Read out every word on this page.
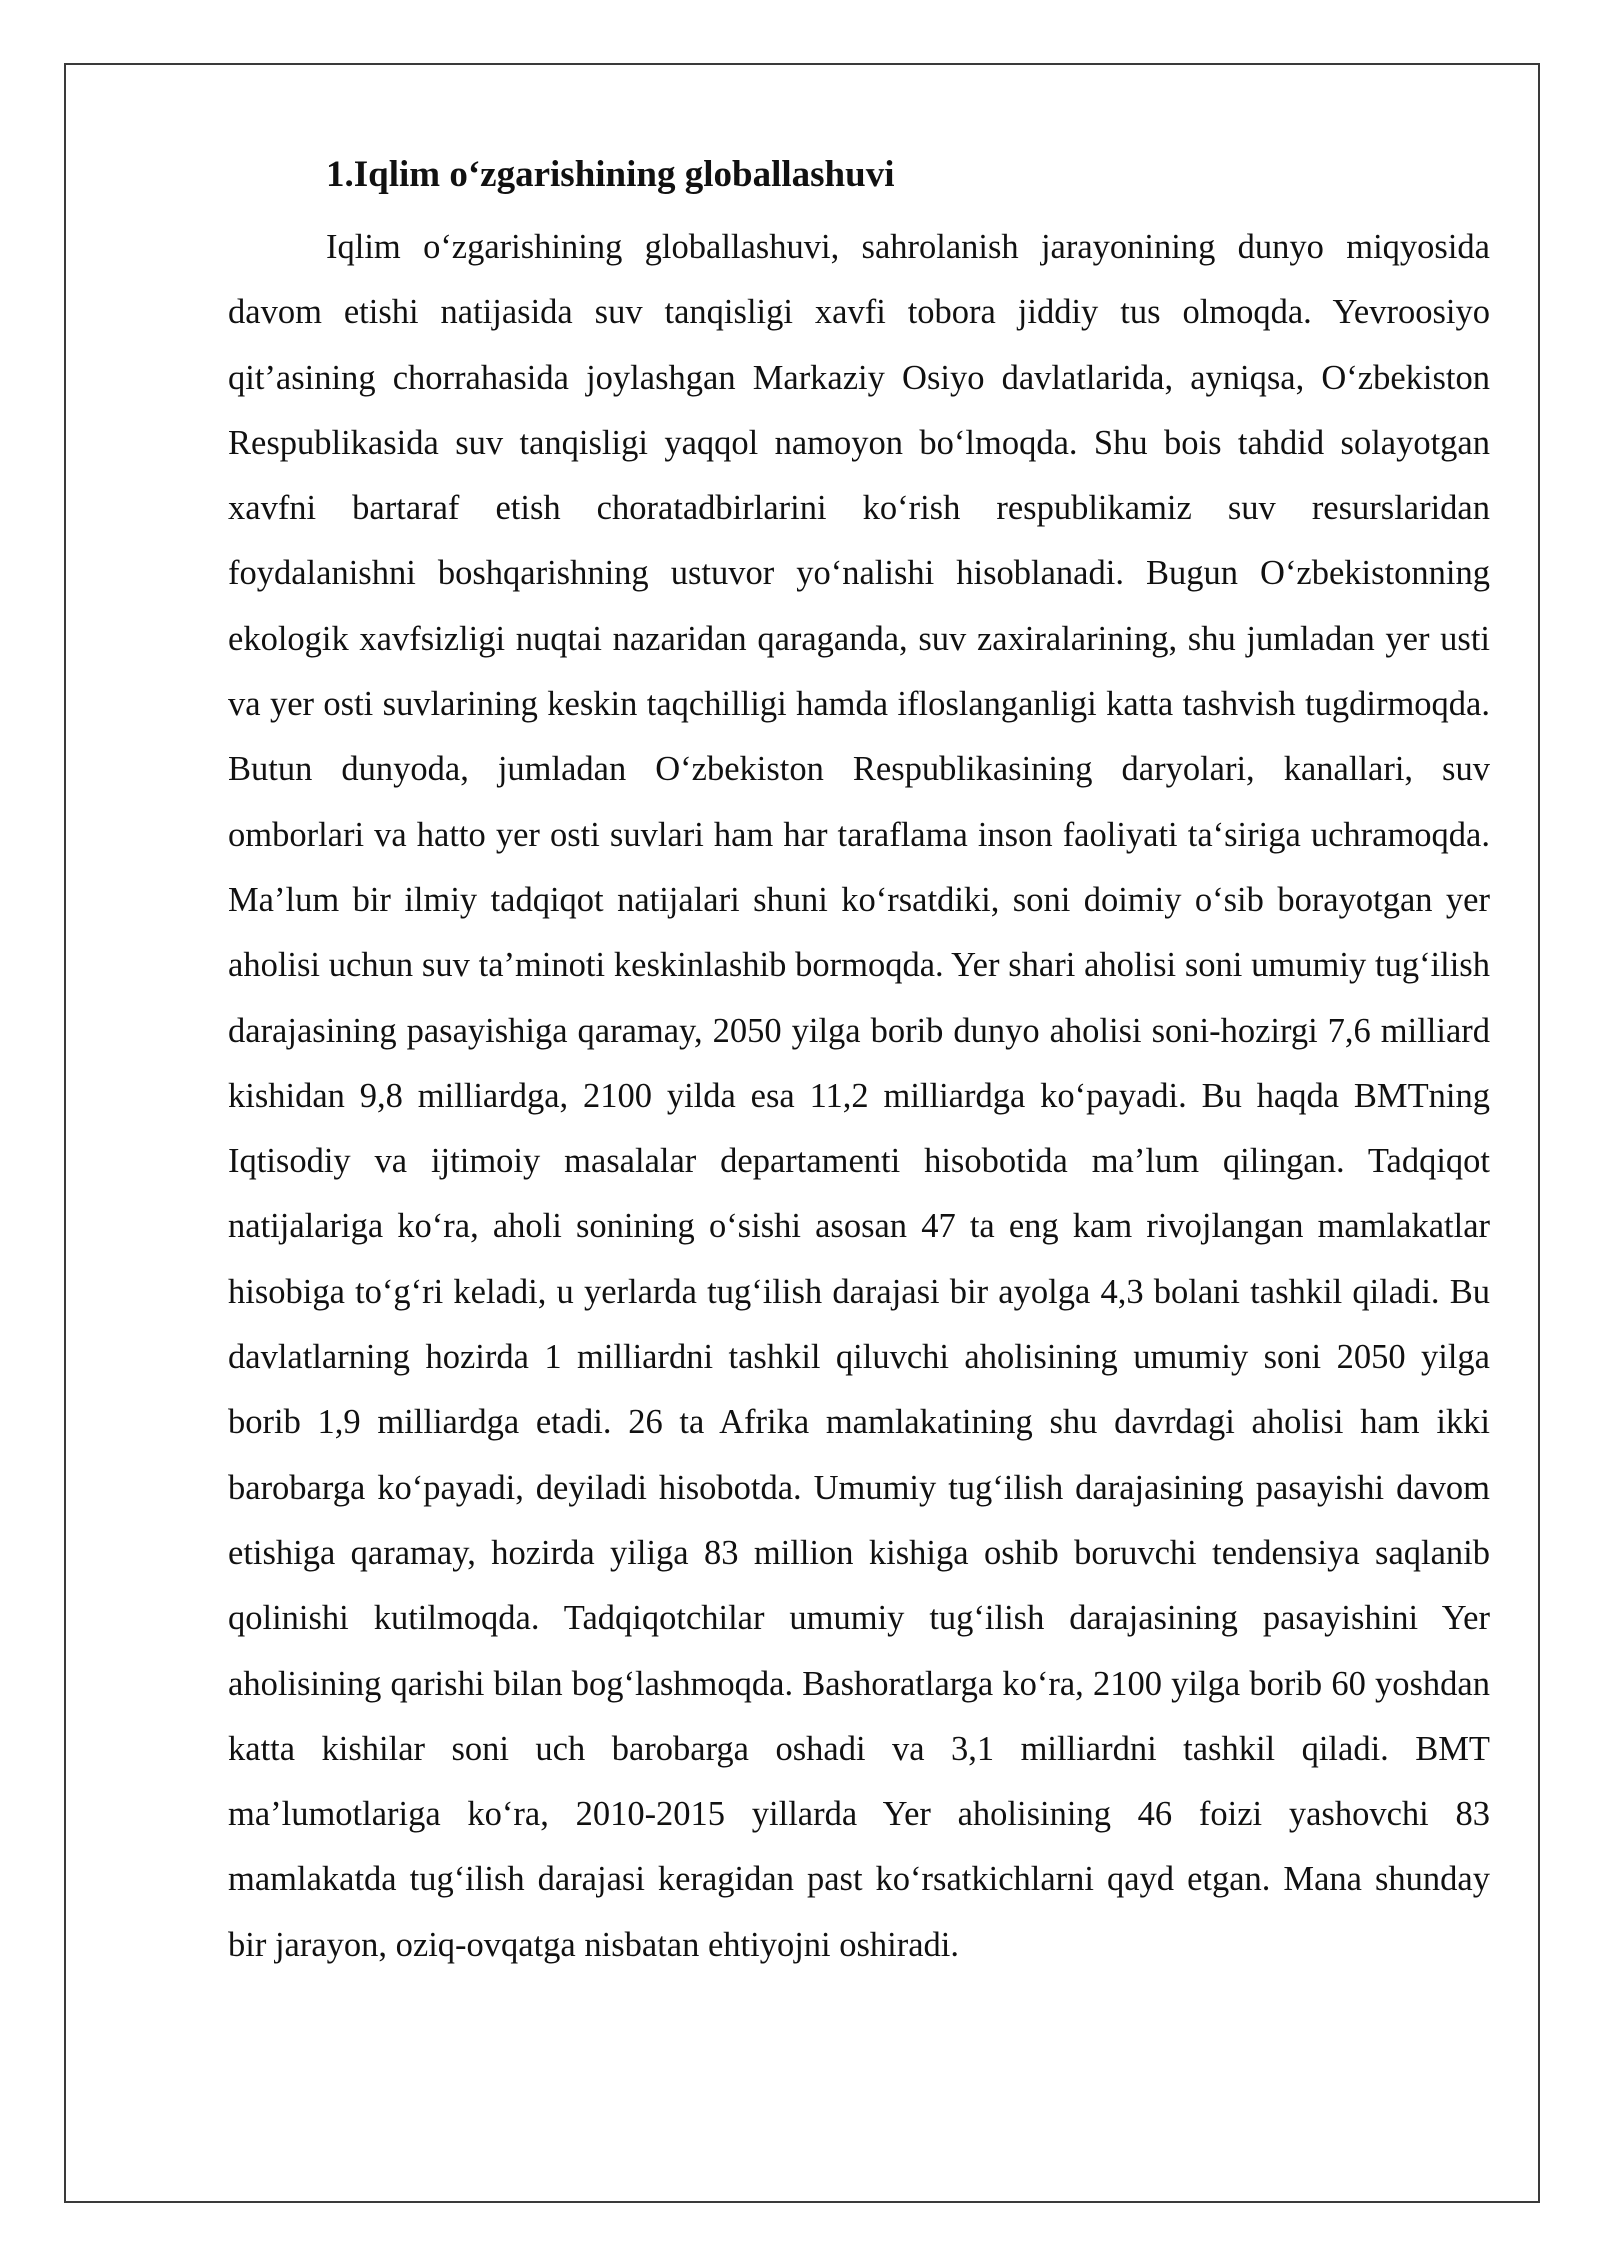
1.Iqlim o‘zgarishining globallashuvi

Iqlim o‘zgarishining globallashuvi, sahrolanish jarayonining dunyo miqyosida davom etishi natijasida suv tanqisligi xavfi tobora jiddiy tus olmoqda. Yevroosiyo qit’asining chorrahasida joylashgan Markaziy Osiyo davlatlarida, ayniqsa, O‘zbekiston Respublikasida suv tanqisligi yaqqol namoyon bo‘lmoqda. Shu bois tahdid solayotgan xavfni bartaraf etish choratadbirlarini ko‘rish respublikamiz suv resurslaridan foydalanishni boshqarishning ustuvor yo‘nalishi hisoblanadi. Bugun O‘zbekistonning ekologik xavfsizligi nuqtai nazaridan qaraganda, suv zaxiralarining, shu jumladan yer usti va yer osti suvlarining keskin taqchilligi hamda ifloslanganligi katta tashvish tugdirmoqda. Butun dunyoda, jumladan O‘zbekiston Respublikasining daryolari, kanallari, suv omborlari va hatto yer osti suvlari ham har taraflama inson faoliyati ta‘siriga uchramoqda. Ma’lum bir ilmiy tadqiqot natijalari shuni ko‘rsatdiki, soni doimiy o‘sib borayotgan yer aholisi uchun suv ta’minoti keskinlashib bormoqda. Yer shari aholisi soni umumiy tug‘ilish darajasining pasayishiga qaramay, 2050 yilga borib dunyo aholisi soni-hozirgi 7,6 milliard kishidan 9,8 milliardga, 2100 yilda esa 11,2 milliardga ko‘payadi. Bu haqda BMTning Iqtisodiy va ijtimoiy masalalar departamenti hisobotida ma’lum qilingan. Tadqiqot natijalariga ko‘ra, aholi sonining o‘sishi asosan 47 ta eng kam rivojlangan mamlakatlar hisobiga to‘g‘ri keladi, u yerlarda tug‘ilish darajasi bir ayolga 4,3 bolani tashkil qiladi. Bu davlatlarning hozirda 1 milliardni tashkil qiluvchi aholisining umumiy soni 2050 yilga borib 1,9 milliardga etadi. 26 ta Afrika mamlakatining shu davrdagi aholisi ham ikki barobarga ko‘payadi, deyiladi hisobotda. Umumiy tug‘ilish darajasining pasayishi davom etishiga qaramay, hozirda yiliga 83 million kishiga oshib boruvchi tendensiya saqlanib qolinishi kutilmoqda. Tadqiqotchilar umumiy tug‘ilish darajasining pasayishini Yer aholisining qarishi bilan bog‘lashmoqda. Bashoratlarga ko‘ra, 2100 yilga borib 60 yoshdan katta kishilar soni uch barobarga oshadi va 3,1 milliardni tashkil qiladi. BMT ma’lumotlariga ko‘ra, 2010-2015 yillarda Yer aholisining 46 foizi yashovchi 83 mamlakatda tug‘ilish darajasi keragidan past ko‘rsatkichlarni qayd etgan. Mana shunday bir jarayon, oziq-ovqatga nisbatan ehtiyojni oshiradi.
